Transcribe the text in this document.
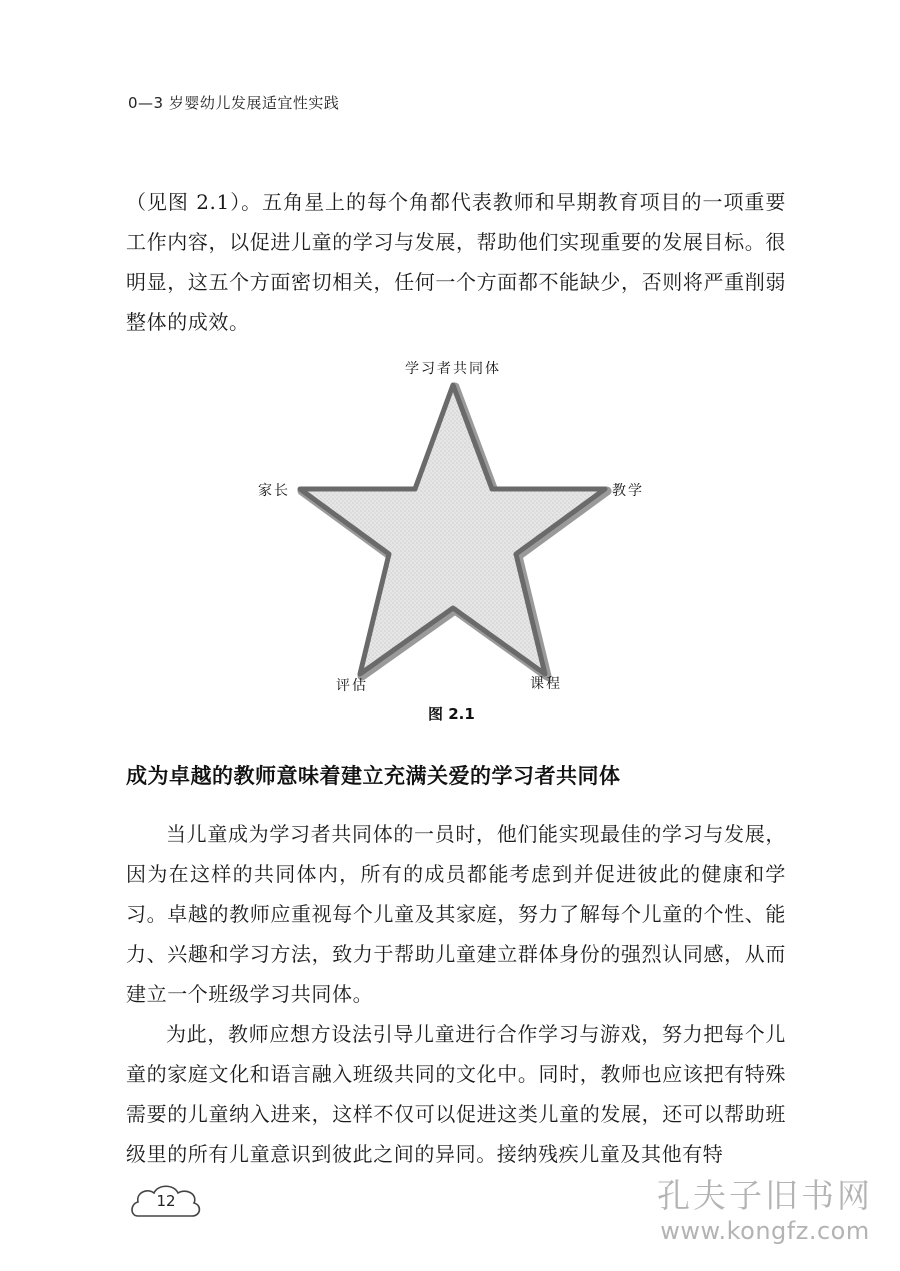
0—3 岁婴幼儿发展适宜性实践

（见图 2.1）。五角星上的每个角都代表教师和早期教育项目的一项重要工作内容，以促进儿童的学习与发展，帮助他们实现重要的发展目标。很明显，这五个方面密切相关，任何一个方面都不能缺少，否则将严重削弱整体的成效。

学习者共同体
家长	教学
评估	课程
图 2.1
成为卓越的教师意味着建立充满关爱的学习者共同体

当儿童成为学习者共同体的一员时，他们能实现最佳的学习与发展，因为在这样的共同体内，所有的成员都能考虑到并促进彼此的健康和学习。卓越的教师应重视每个儿童及其家庭，努力了解每个儿童的个性、能力、兴趣和学习方法，致力于帮助儿童建立群体身份的强烈认同感，从而建立一个班级学习共同体。

为此，教师应想方设法引导儿童进行合作学习与游戏，努力把每个儿童的家庭文化和语言融入班级共同的文化中。同时，教师也应该把有特殊需要的儿童纳入进来，这样不仅可以促进这类儿童的发展，还可以帮助班级里的所有儿童意识到彼此之间的异同。接纳残疾儿童及其他有特

12	孔夫子旧书网
www.kongfz.com
